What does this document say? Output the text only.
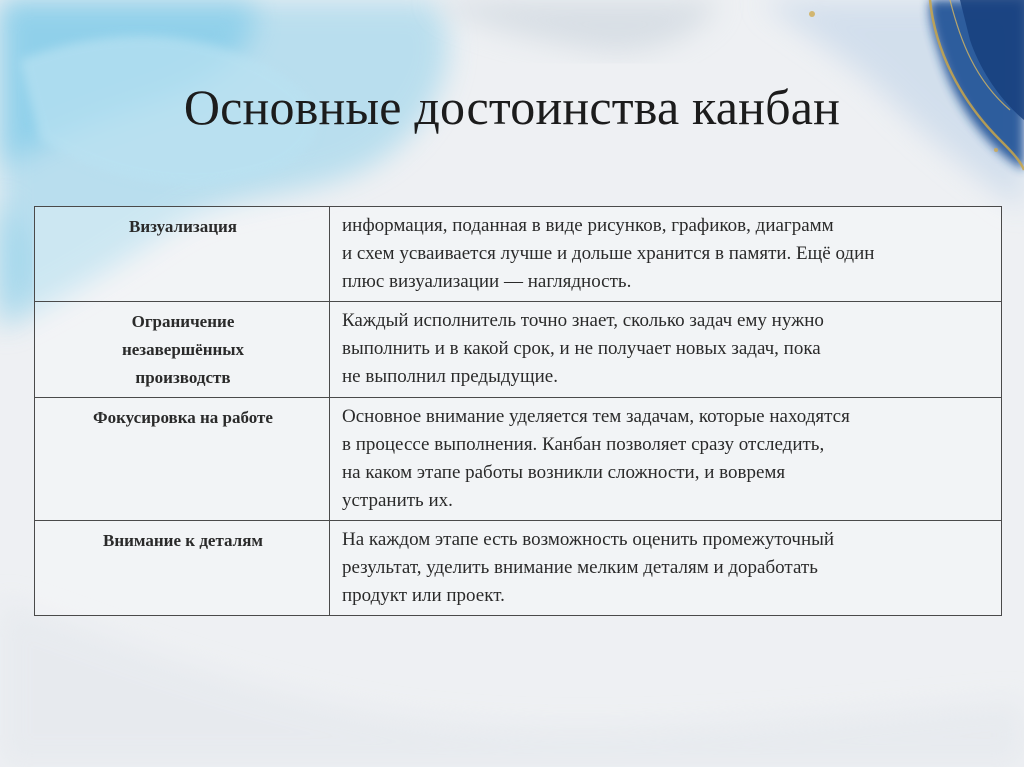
Основные достоинства канбан
Визуализация	информация, поданная в виде рисунков, графиков, диаграмм
и схем усваивается лучше и дольше хранится в памяти. Ещё один
плюс визуализации — наглядность.
Ограничение
незавершённых
производств	Каждый исполнитель точно знает, сколько задач ему нужно
выполнить и в какой срок, и не получает новых задач, пока
не выполнил предыдущие.
Фокусировка на работе	Основное внимание уделяется тем задачам, которые находятся
в процессе выполнения. Канбан позволяет сразу отследить,
на каком этапе работы возникли сложности, и вовремя
устранить их.
Внимание к деталям	На каждом этапе есть возможность оценить промежуточный
результат, уделить внимание мелким деталям и доработать
продукт или проект.
